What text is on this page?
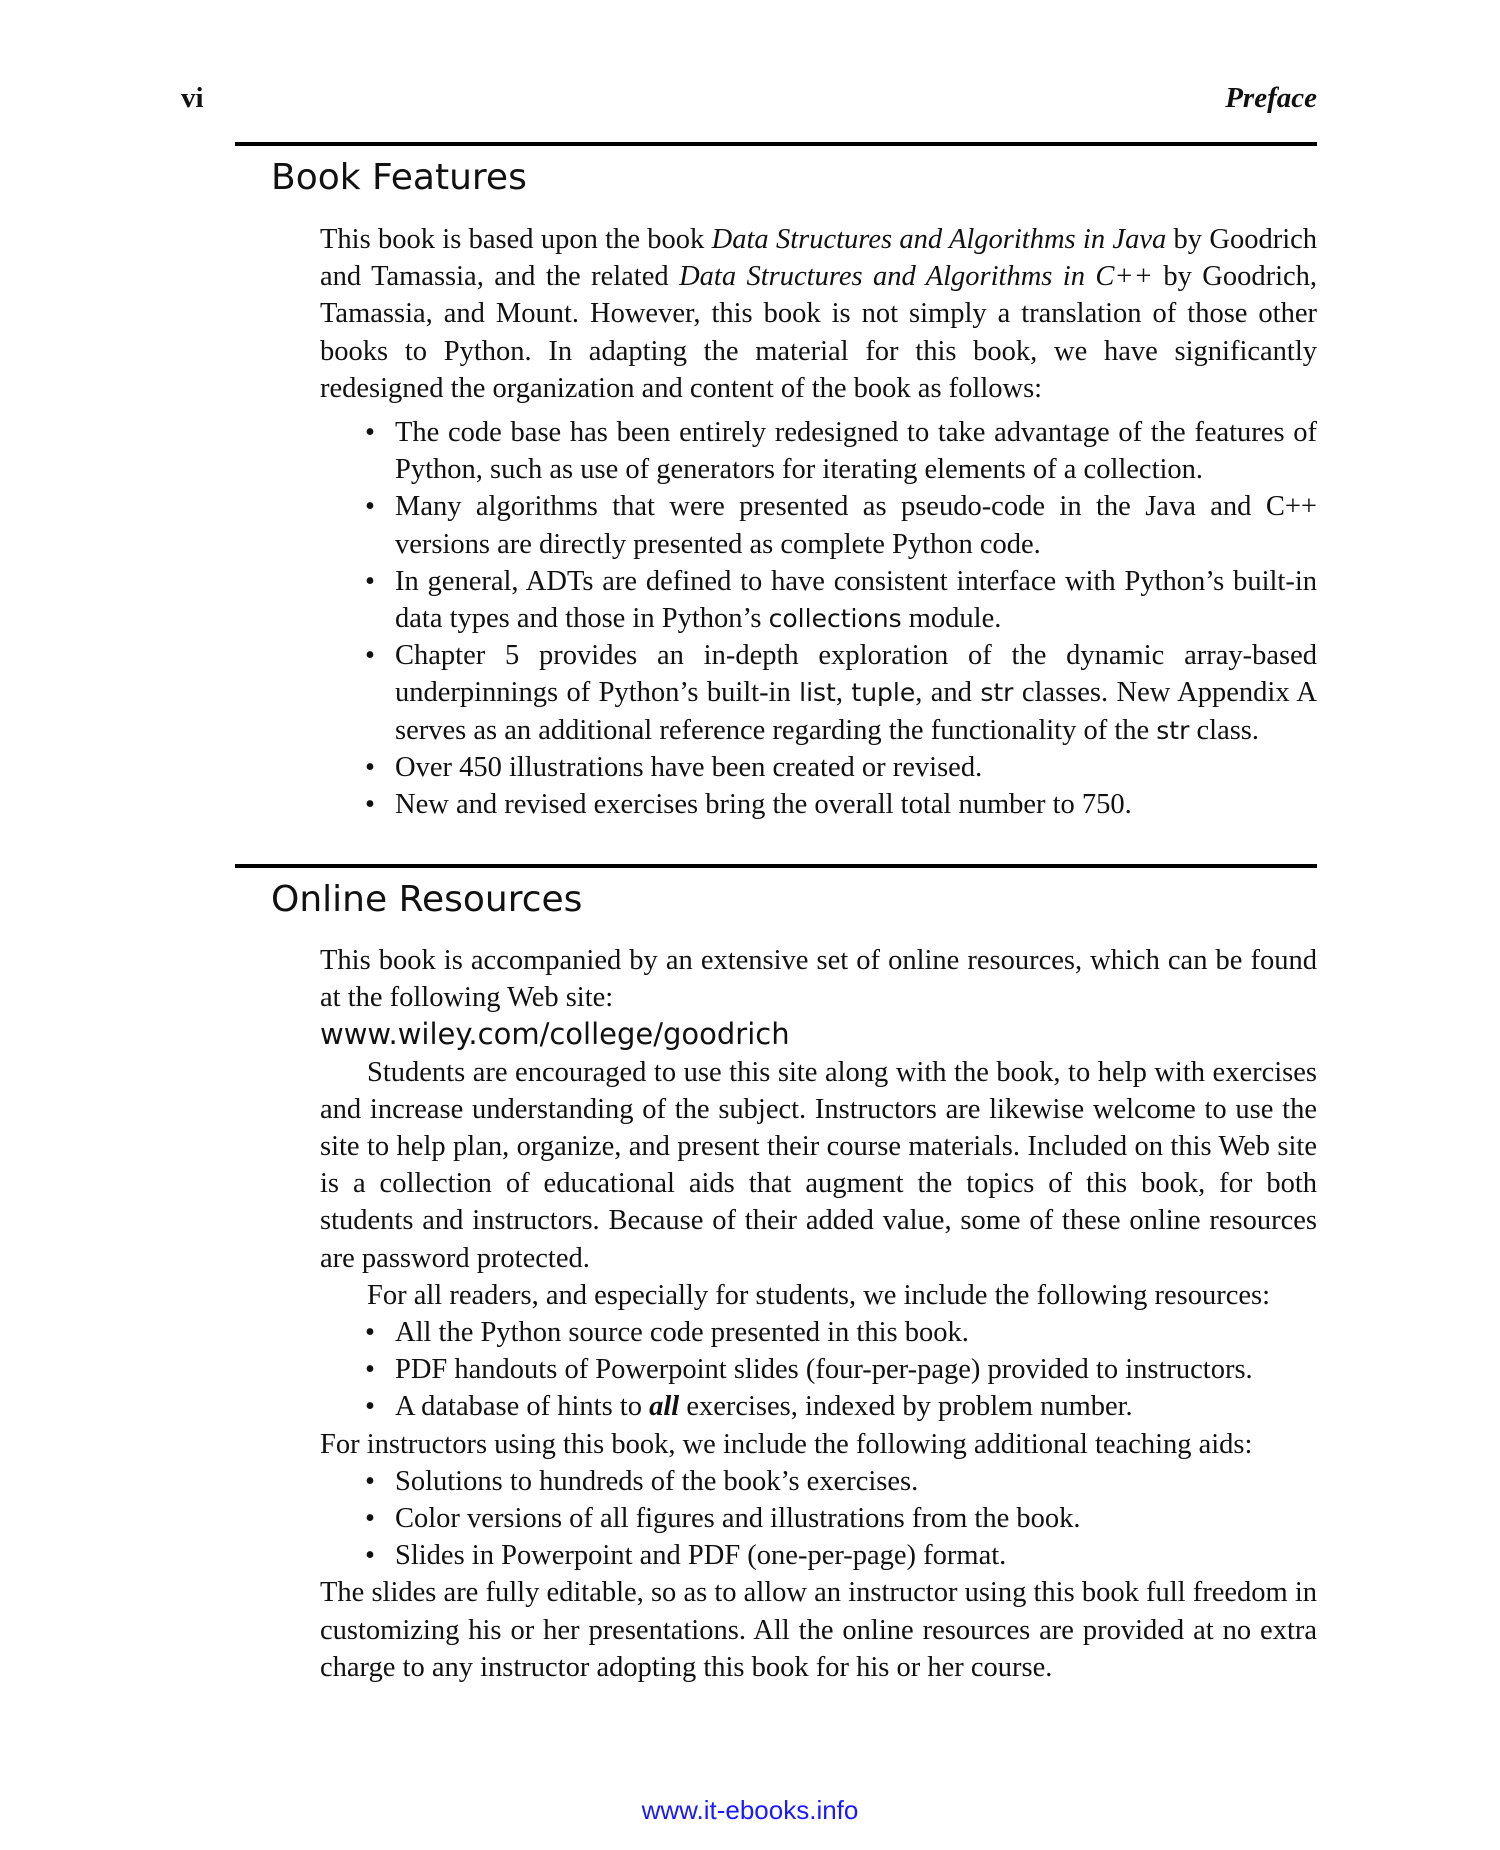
vi	Preface
Book Features

This book is based upon the book Data Structures and Algorithms in Java by Goodrich and Tamassia, and the related Data Structures and Algorithms in C++ by Goodrich, Tamassia, and Mount. However, this book is not simply a translation of those other books to Python. In adapting the material for this book, we have significantly redesigned the organization and content of the book as follows:

• The code base has been entirely redesigned to take advantage of the features of Python, such as use of generators for iterating elements of a collection.
• Many algorithms that were presented as pseudo-code in the Java and C++ versions are directly presented as complete Python code.
• In general, ADTs are defined to have consistent interface with Python’s built-in data types and those in Python’s collections module.
• Chapter 5 provides an in-depth exploration of the dynamic array-based underpinnings of Python’s built-in list, tuple, and str classes. New Appendix A serves as an additional reference regarding the functionality of the str class.
• Over 450 illustrations have been created or revised.
• New and revised exercises bring the overall total number to 750.
Online Resources

This book is accompanied by an extensive set of online resources, which can be found at the following Web site:

www.wiley.com/college/goodrich

Students are encouraged to use this site along with the book, to help with exercises and increase understanding of the subject. Instructors are likewise welcome to use the site to help plan, organize, and present their course materials. Included on this Web site is a collection of educational aids that augment the topics of this book, for both students and instructors. Because of their added value, some of these online resources are password protected.

For all readers, and especially for students, we include the following resources:

• All the Python source code presented in this book.
• PDF handouts of Powerpoint slides (four-per-page) provided to instructors.
• A database of hints to all exercises, indexed by problem number.

For instructors using this book, we include the following additional teaching aids:

• Solutions to hundreds of the book’s exercises.
• Color versions of all figures and illustrations from the book.
• Slides in Powerpoint and PDF (one-per-page) format.

The slides are fully editable, so as to allow an instructor using this book full freedom in customizing his or her presentations. All the online resources are provided at no extra charge to any instructor adopting this book for his or her course.

www.it-ebooks.info
